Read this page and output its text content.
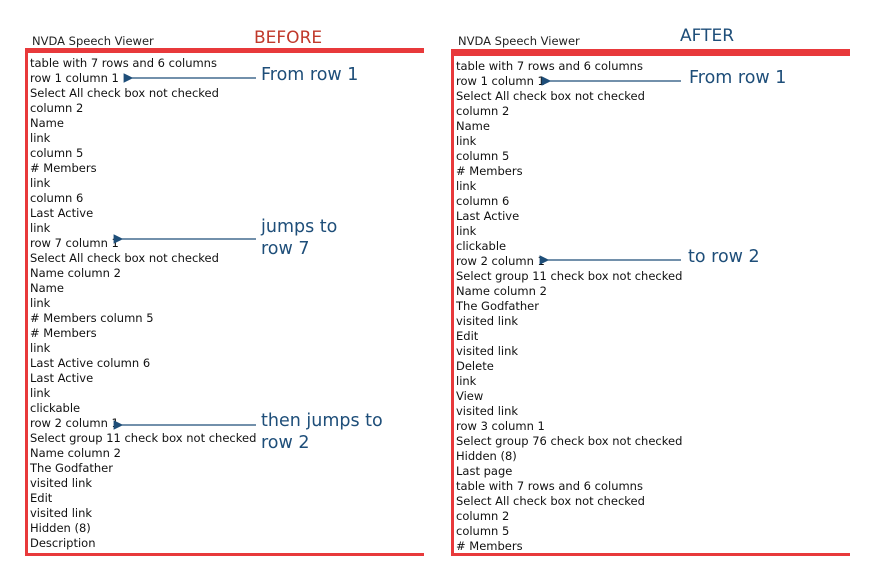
NVDA Speech Viewer
table with 7 rows and 6 columns
row 1 column 1
Select All check box not checked
column 2
Name
link
column 5
# Members
link
column 6
Last Active
link
row 7 column 1
Select All check box not checked
Name column 2
Name
link
# Members column 5
# Members
link
Last Active column 6
Last Active
link
clickable
row 2 column 1
Select group 11 check box not checked
Name column 2
The Godfather
visited link
Edit
visited link
Hidden (8)
Description
BEFORE	NVDA Speech Viewer
table with 7 rows and 6 columns
row 1 column 1
Select All check box not checked
column 2
Name
link
column 5
# Members
link
column 6
Last Active
link
clickable
row 2 column 1
Select group 11 check box not checked
Name column 2
The Godfather
visited link
Edit
visited link
Delete
link
View
visited link
row 3 column 1
Select group 76 check box not checked
Hidden (8)
Last page
table with 7 rows and 6 columns
Select All check box not checked
column 2
column 5
# Members
AFTER
From row 1
jumps to
row 7
then jumps to
row 2
From row 1
to row 2
